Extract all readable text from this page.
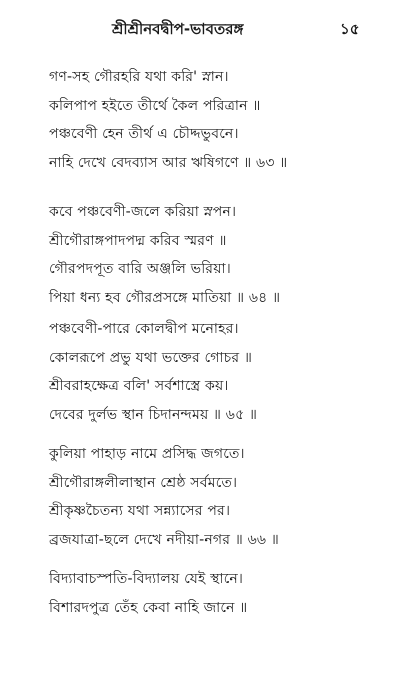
শ্রীশ্রীনবদ্বীপ-ভাবতরঙ্গ	১৫
গণ-সহ গৌরহরি যথা করি' স্নান।
কলিপাপ হইতে তীর্থে কৈল পরিত্রান ॥
পঞ্চবেণী হেন তীর্থ এ চৌদ্দভুবনে।
নাহি দেখে বেদব্যাস আর ঋষিগণে ॥ ৬৩ ॥
কবে পঞ্চবেণী-জলে করিয়া স্নপন।
শ্রীগৌরাঙ্গপাদপদ্ম করিব স্মরণ ॥
গৌরপদপূত বারি অঞ্জলি ভরিয়া।
পিয়া ধন্য হব গৌরপ্রসঙ্গে মাতিয়া ॥ ৬৪ ॥
পঞ্চবেণী-পারে কোলদ্বীপ মনোহর।
কোলরূপে প্রভু যথা ভক্তের গোচর ॥
শ্রীবরাহক্ষেত্র বলি' সর্বশাস্ত্রে কয়।
দেবের দুর্লভ স্থান চিদানন্দময় ॥ ৬৫ ॥
কুলিয়া পাহাড় নামে প্রসিদ্ধ জগতে।
শ্রীগৌরাঙ্গলীলাস্থান শ্রেষ্ঠ সর্বমতে।
শ্রীকৃষ্ণচৈতন্য যথা সন্ন্যাসের পর।
ব্রজযাত্রা-ছলে দেখে নদীয়া-নগর ॥ ৬৬ ॥
বিদ্যাবাচস্পতি-বিদ্যালয় যেই স্থানে।
বিশারদপুত্র তেঁহ কেবা নাহি জানে ॥
